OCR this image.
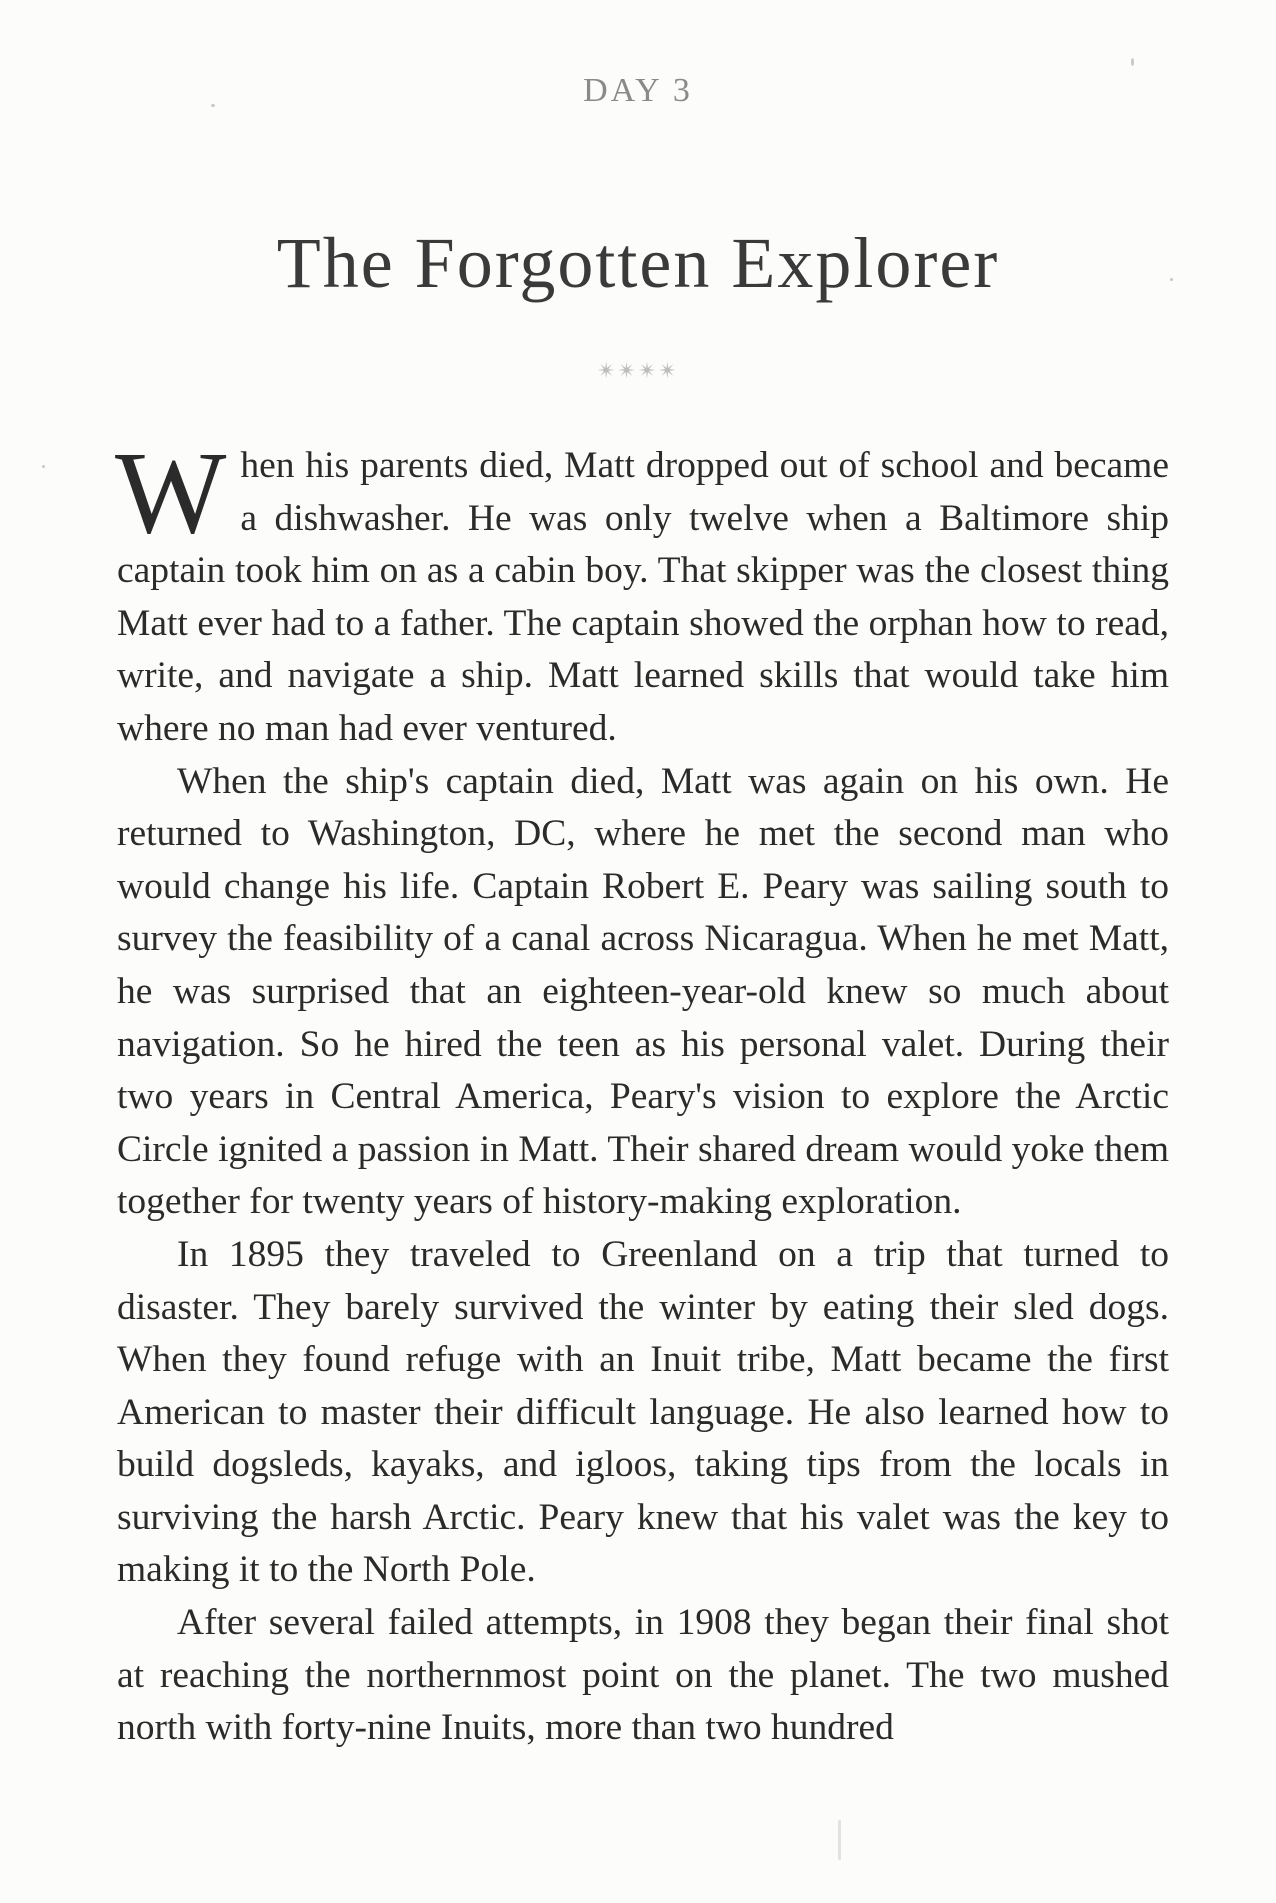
DAY 3
The Forgotten Explorer
✴✴✴✴

When his parents died, Matt dropped out of school and became a dishwasher. He was only twelve when a Baltimore ship captain took him on as a cabin boy. That skipper was the closest thing Matt ever had to a father. The captain showed the orphan how to read, write, and navigate a ship. Matt learned skills that would take him where no man had ever ventured.

When the ship's captain died, Matt was again on his own. He returned to Washington, DC, where he met the second man who would change his life. Captain Robert E. Peary was sailing south to survey the feasibility of a canal across Nicaragua. When he met Matt, he was surprised that an eighteen-year-old knew so much about navigation. So he hired the teen as his personal valet. During their two years in Central America, Peary's vision to explore the Arctic Circle ignited a passion in Matt. Their shared dream would yoke them together for twenty years of history-making exploration.

In 1895 they traveled to Greenland on a trip that turned to disaster. They barely survived the winter by eating their sled dogs. When they found refuge with an Inuit tribe, Matt became the first American to master their difficult language. He also learned how to build dogsleds, kayaks, and igloos, taking tips from the locals in surviving the harsh Arctic. Peary knew that his valet was the key to making it to the North Pole.

After several failed attempts, in 1908 they began their final shot at reaching the northernmost point on the planet. The two mushed north with forty-nine Inuits, more than two hundred
